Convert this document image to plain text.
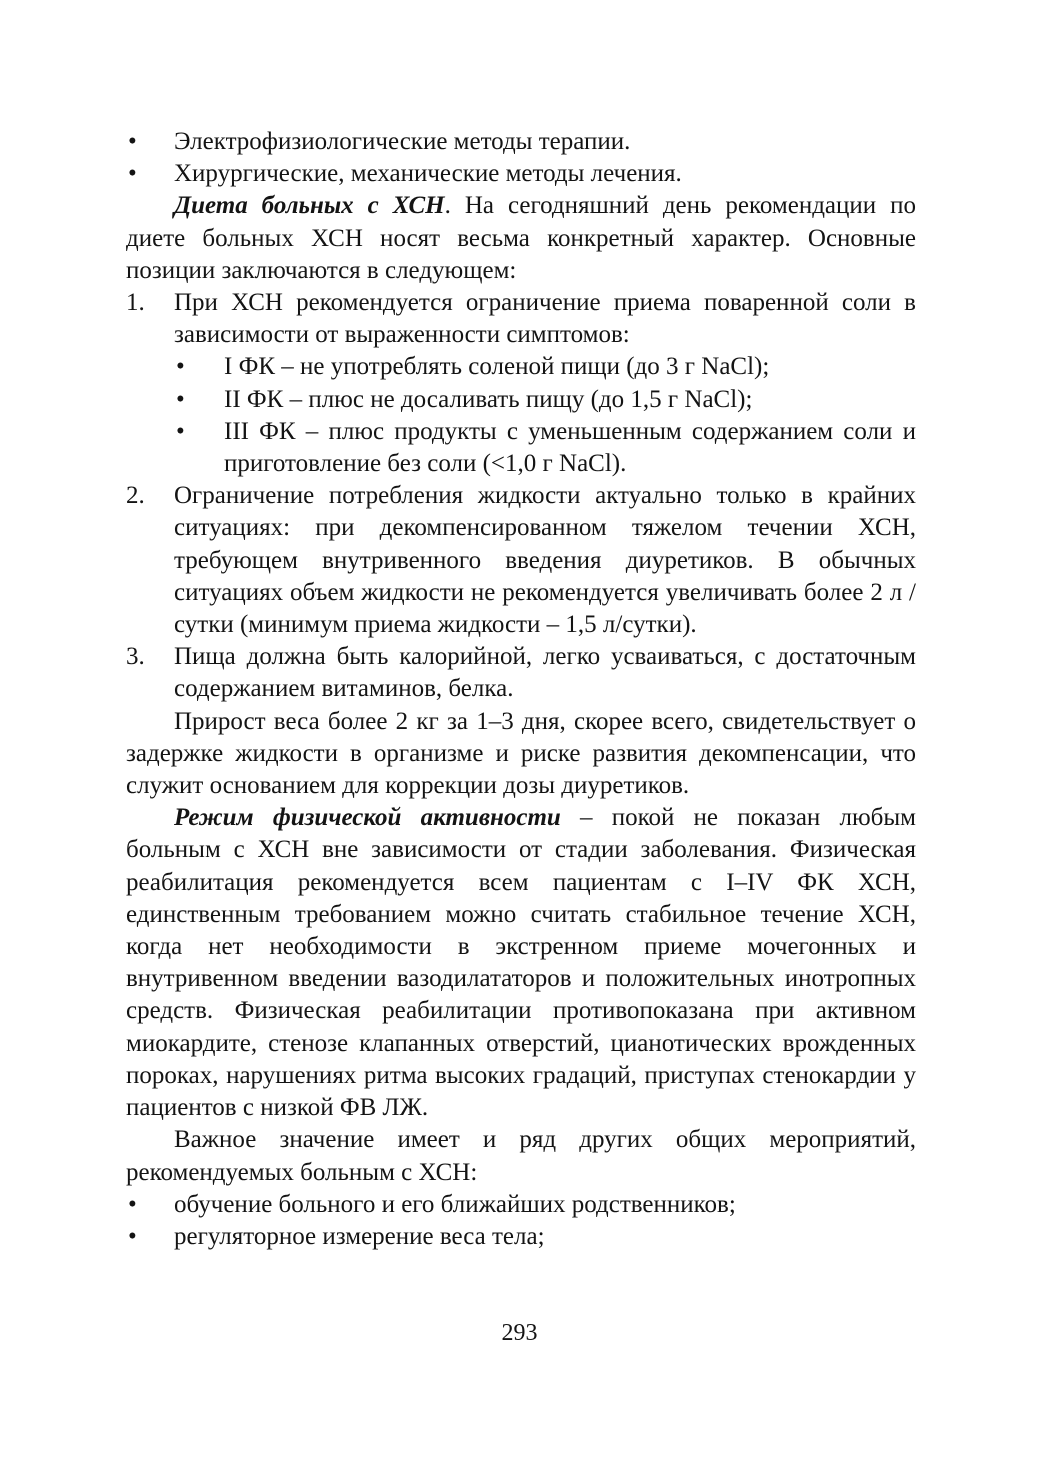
•	Электрофизиологические методы терапии.
•	Хирургические, механические методы лечения.

Диета больных с ХСН. На сегодняшний день рекомендации по диете больных ХСН носят весьма конкретный характер. Основные позиции заключаются в следующем:

1.	При ХСН рекомендуется ограничение приема поваренной соли в зависимости от выраженности симптомов:
• I ФК – не употреблять соленой пищи (до 3 г NaCl);
• II ФК – плюс не досаливать пищу (до 1,5 г NaCl);
• III ФК – плюс продукты с уменьшенным содержанием соли и приготовление без соли (<1,0 г NaCl).
2.	Ограничение потребления жидкости актуально только в крайних ситуациях: при декомпенсированном тяжелом течении ХСН, требующем внутривенного введения диуретиков. В обычных ситуациях объем жидкости не рекомендуется увеличивать более 2 л / сутки (минимум приема жидкости – 1,5 л/сутки).
3.	Пища должна быть калорийной, легко усваиваться, с достаточным содержанием витаминов, белка.

Прирост веса более 2 кг за 1–3 дня, скорее всего, свидетельствует о задержке жидкости в организме и риске развития декомпенсации, что служит основанием для коррекции дозы диуретиков.

Режим физической активности – покой не показан любым больным с ХСН вне зависимости от стадии заболевания. Физическая реабилитация рекомендуется всем пациентам с I–IV ФК ХСН, единственным требованием можно считать стабильное течение ХСН, когда нет необходимости в экстренном приеме мочегонных и внутривенном введении вазодилататоров и положительных инотропных средств. Физическая реабилитации противопоказана при активном миокардите, стенозе клапанных отверстий, цианотических врожденных пороках, нарушениях ритма высоких градаций, приступах стенокардии у пациентов с низкой ФВ ЛЖ.

Важное значение имеет и ряд других общих мероприятий, рекомендуемых больным с ХСН:

•	обучение больного и его ближайших родственников;
•	регуляторное измерение веса тела;
293
